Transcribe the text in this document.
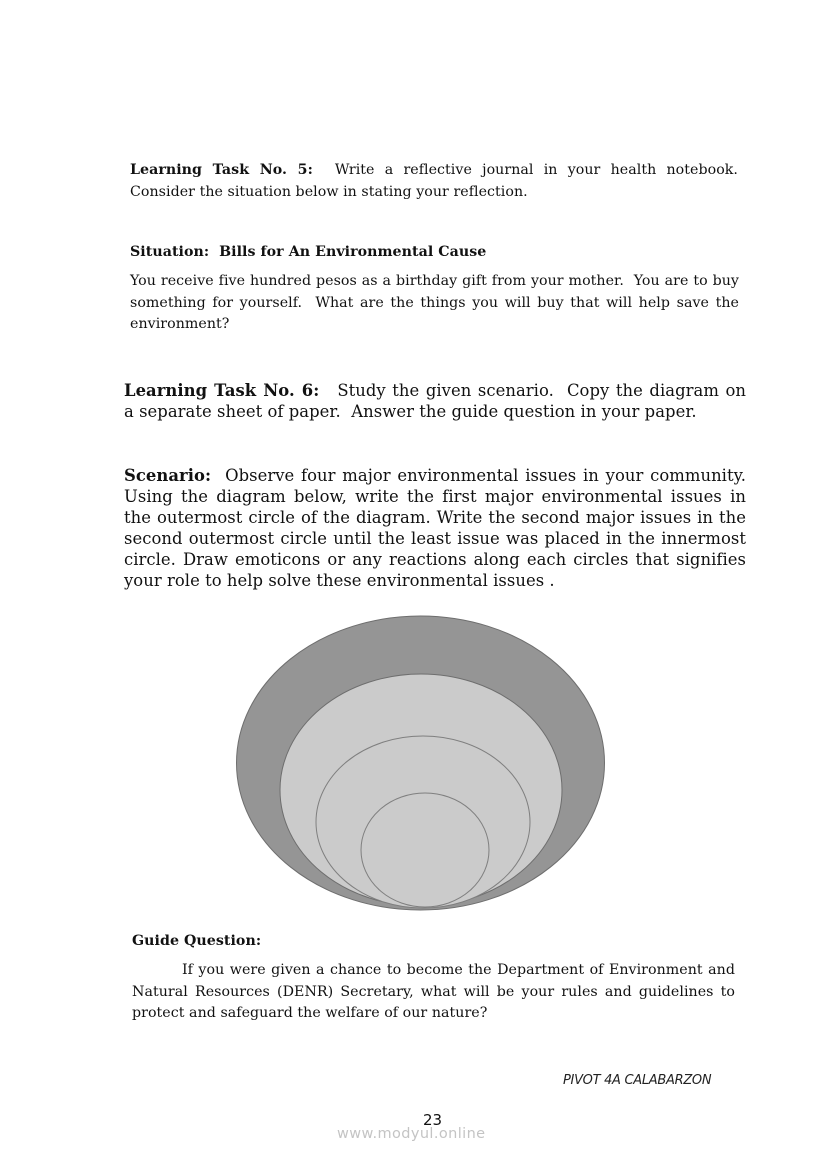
Learning Task No. 5: Write a reflective journal in your health notebook. Consider the situation below in stating your reflection.
Situation:  Bills for An Environmental Cause
You receive five hundred pesos as a birthday gift from your mother.  You are to buy something for yourself.  What are the things you will buy that will help save the environment?
Learning Task No. 6: Study the given scenario.  Copy the diagram on a separate sheet of paper.  Answer the guide question in your paper.
Scenario: Observe four major environmental issues in your community. Using the diagram below, write the first major environmental issues in the outermost circle of the diagram. Write the second major issues in the second outermost circle until the least issue was placed in the innermost circle. Draw emoticons or any reactions along each circles that signifies your role to help solve these environmental issues .
Guide Question:
If you were given a chance to become the Department of Environment and Natural Resources (DENR) Secretary, what will be your rules and guidelines to protect and safeguard the welfare of our nature?
PIVOT 4A CALABARZON
23
www.modyul.online
